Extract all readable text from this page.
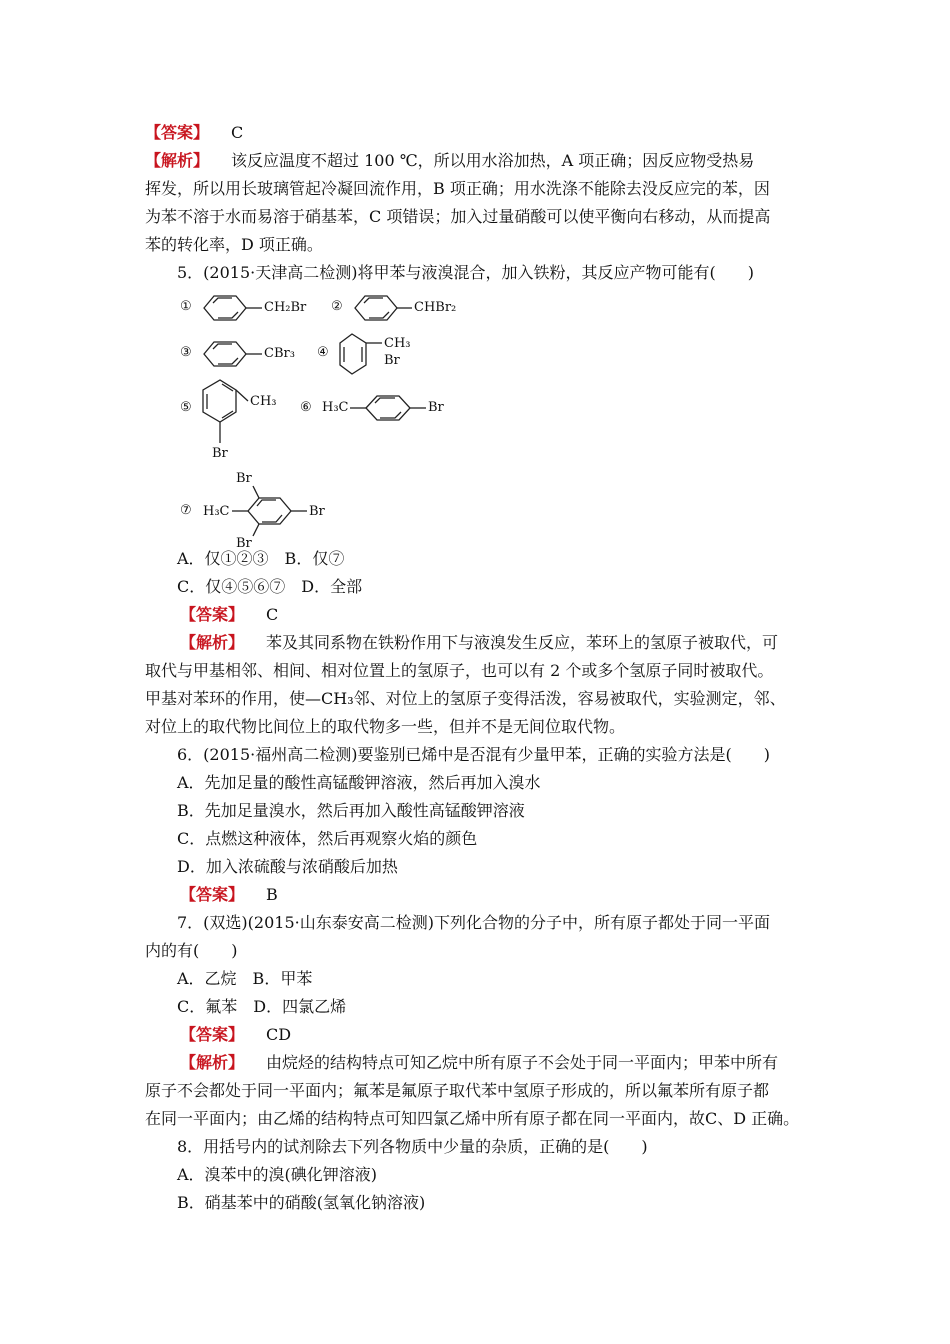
【答案】 C
【解析】 该反应温度不超过 100 ℃，所以用水浴加热，A 项正确；因反应物受热易
挥发，所以用长玻璃管起冷凝回流作用，B 项正确；用水洗涤不能除去没反应完的苯，因
为苯不溶于水而易溶于硝基苯，C 项错误；加入过量硝酸可以使平衡向右移动，从而提高
苯的转化率，D 项正确。
5．(2015·天津高二检测)将甲苯与液溴混合，加入铁粉，其反应产物可能有(　　)
①	CH₂Br ②	CHBr₂
③	CBr₃ ④
CH₃
Br
⑤	CH₃
Br
⑥ H₃C	Br
Br
⑦ H₃C	Br
Br
A．仅①②③　B．仅⑦
C．仅④⑤⑥⑦　D．全部
【答案】 C
【解析】 苯及其同系物在铁粉作用下与液溴发生反应，苯环上的氢原子被取代，可
取代与甲基相邻、相间、相对位置上的氢原子，也可以有 2 个或多个氢原子同时被取代。
甲基对苯环的作用，使—CH₃邻、对位上的氢原子变得活泼，容易被取代，实验测定，邻、
对位上的取代物比间位上的取代物多一些，但并不是无间位取代物。
6．(2015·福州高二检测)要鉴别已烯中是否混有少量甲苯，正确的实验方法是(　　)
A．先加足量的酸性高锰酸钾溶液，然后再加入溴水
B．先加足量溴水，然后再加入酸性高锰酸钾溶液
C．点燃这种液体，然后再观察火焰的颜色
D．加入浓硫酸与浓硝酸后加热
【答案】 B
7．(双选)(2015·山东泰安高二检测)下列化合物的分子中，所有原子都处于同一平面
内的有(　　)
A．乙烷　B．甲苯
C．氟苯　D．四氯乙烯
【答案】 CD
【解析】 由烷烃的结构特点可知乙烷中所有原子不会处于同一平面内；甲苯中所有
原子不会都处于同一平面内；氟苯是氟原子取代苯中氢原子形成的，所以氟苯所有原子都
在同一平面内；由乙烯的结构特点可知四氯乙烯中所有原子都在同一平面内，故C、D 正确。
8．用括号内的试剂除去下列各物质中少量的杂质，正确的是(　　)
A．溴苯中的溴(碘化钾溶液)
B．硝基苯中的硝酸(氢氧化钠溶液)
